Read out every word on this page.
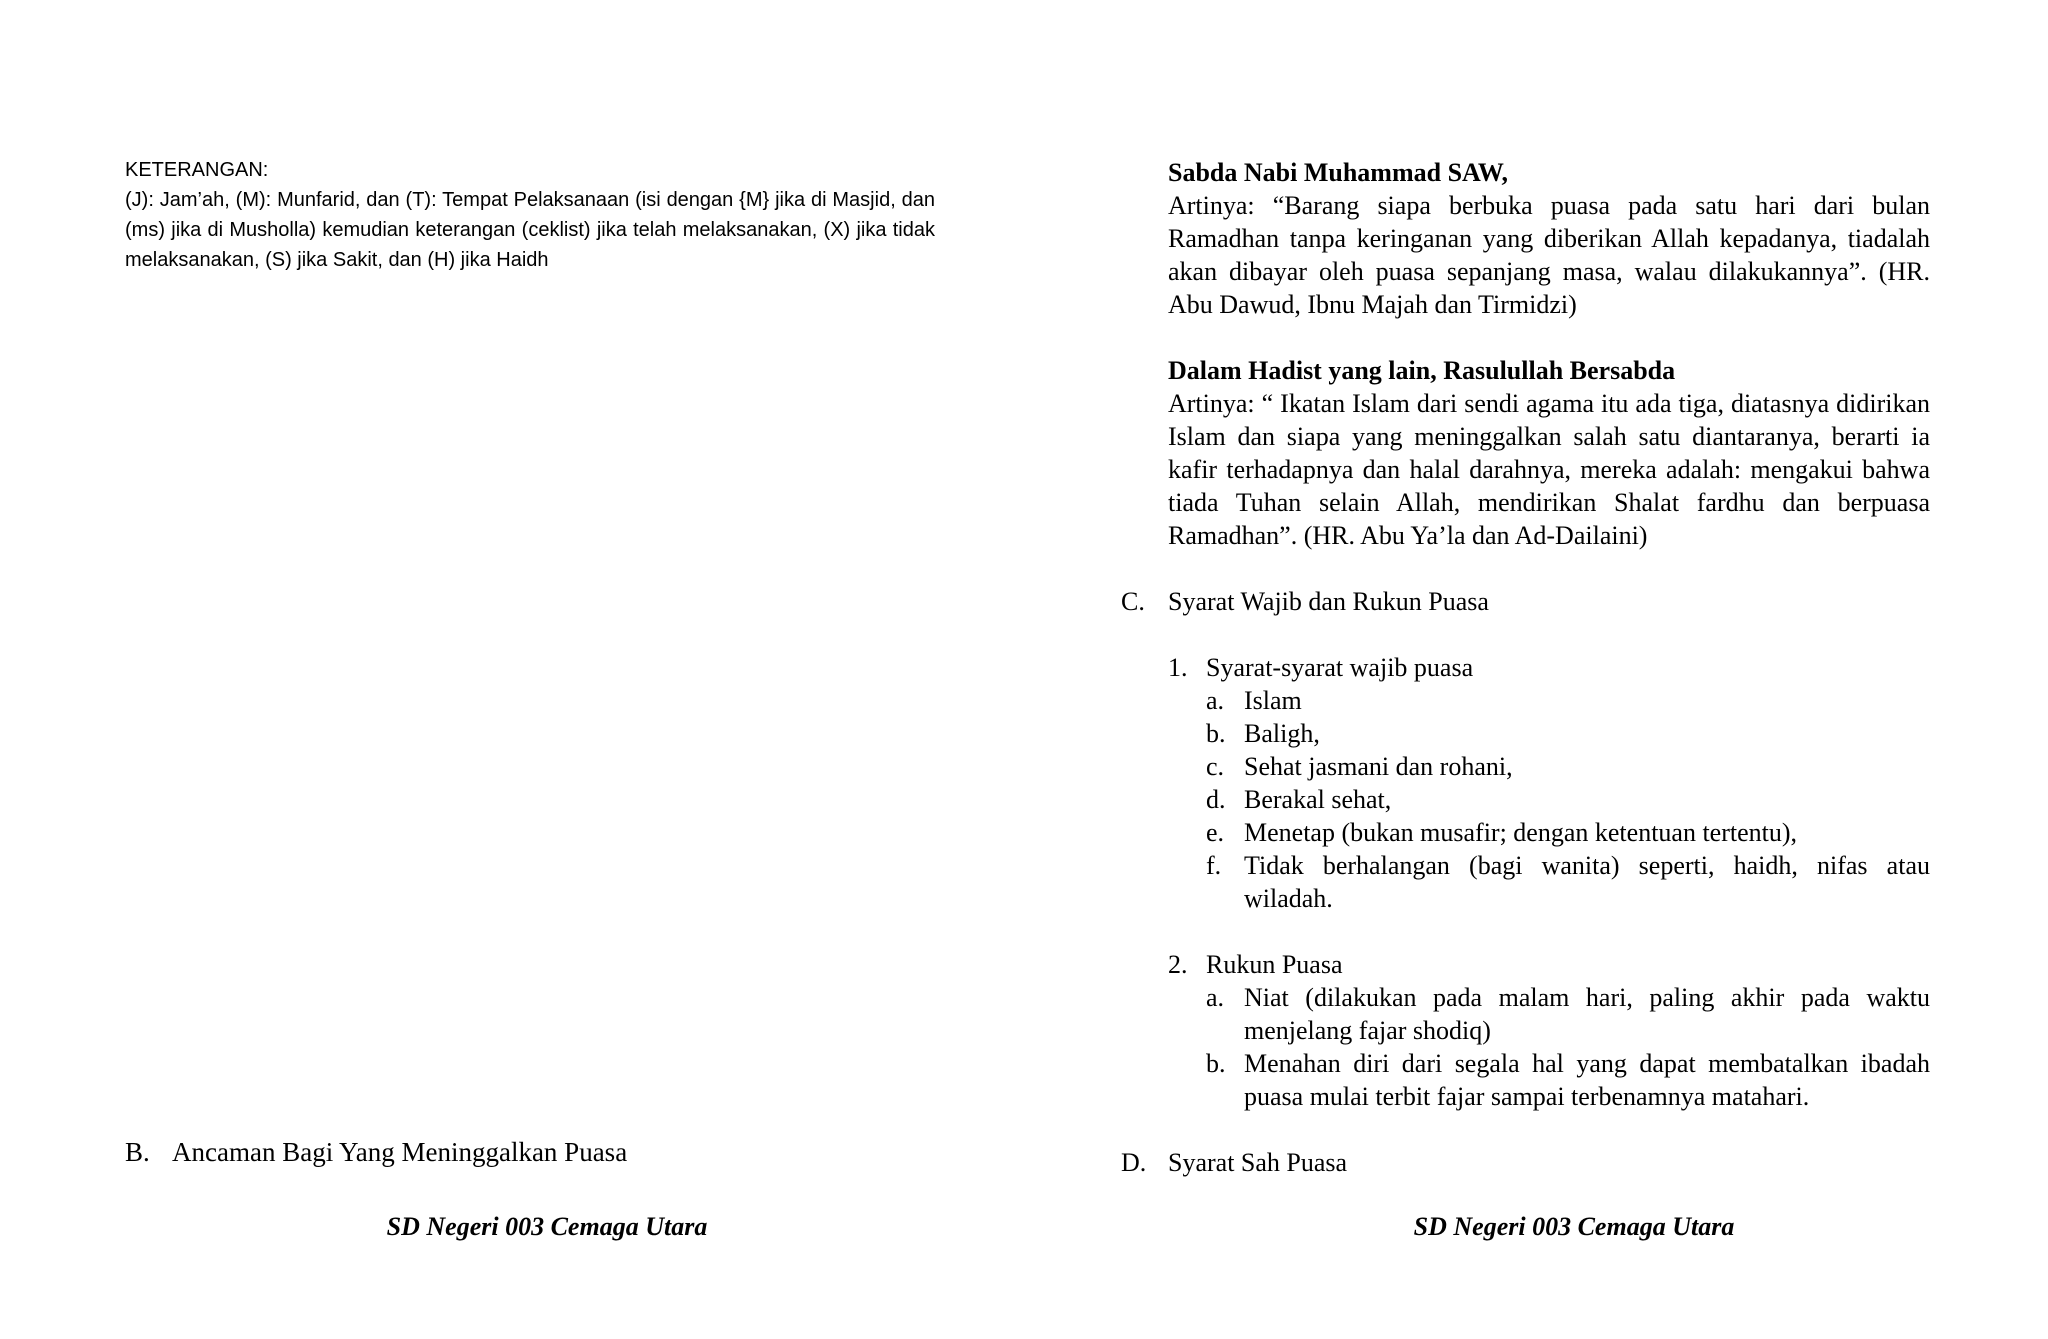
KETERANGAN:
(J): Jam’ah, (M): Munfarid, dan (T): Tempat Pelaksanaan (isi dengan {M} jika di Masjid, dan (ms) jika di Musholla) kemudian keterangan (ceklist) jika telah melaksanakan, (X) jika tidak melaksanakan, (S) jika Sakit, dan (H) jika Haidh
B. Ancaman Bagi Yang Meninggalkan Puasa
SD Negeri 003 Cemaga Utara
Sabda Nabi Muhammad SAW,
Artinya: “Barang siapa berbuka puasa pada satu hari dari bulan Ramadhan tanpa keringanan yang diberikan Allah kepadanya, tiadalah akan dibayar oleh puasa sepanjang masa, walau dilakukannya”. (HR. Abu Dawud, Ibnu Majah dan Tirmidzi)
Dalam Hadist yang lain, Rasulullah Bersabda
Artinya: “ Ikatan Islam dari sendi agama itu ada tiga, diatasnya didirikan Islam dan siapa yang meninggalkan salah satu diantaranya, berarti ia kafir terhadapnya dan halal darahnya, mereka adalah: mengakui bahwa tiada Tuhan selain Allah, mendirikan Shalat fardhu dan berpuasa Ramadhan”. (HR. Abu Ya’la dan Ad-Dailaini)
C. Syarat Wajib dan Rukun Puasa
1. Syarat-syarat wajib puasa
a. Islam
b. Baligh,
c. Sehat jasmani dan rohani,
d. Berakal sehat,
e. Menetap (bukan musafir; dengan ketentuan tertentu),
f. Tidak berhalangan (bagi wanita) seperti, haidh, nifas atau wiladah.
2. Rukun Puasa
a. Niat (dilakukan pada malam hari, paling akhir pada waktu menjelang fajar shodiq)
b. Menahan diri dari segala hal yang dapat membatalkan ibadah puasa mulai terbit fajar sampai terbenamnya matahari.
D. Syarat Sah Puasa
SD Negeri 003 Cemaga Utara
